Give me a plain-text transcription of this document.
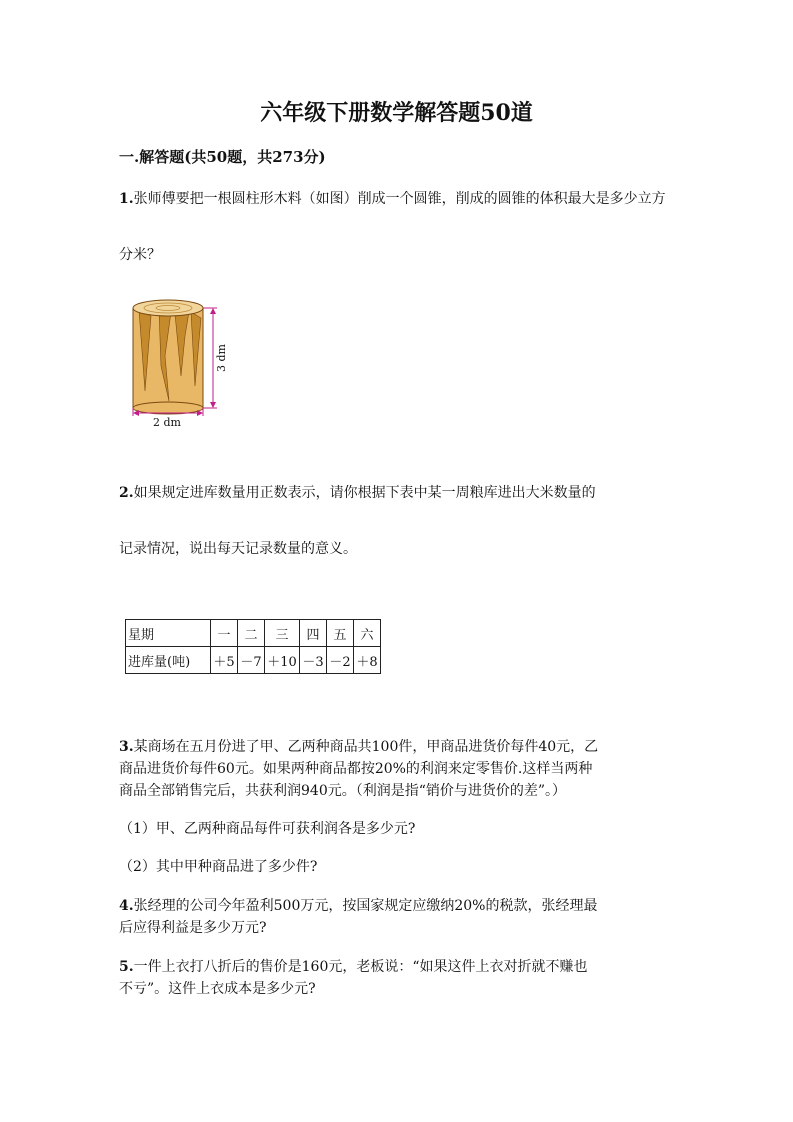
六年级下册数学解答题50道
一.解答题(共50题，共273分)
1.张师傅要把一根圆柱形木料（如图）削成一个圆锥，削成的圆锥的体积最大是多少立方
分米？
3 dm
2 dm
2.如果规定进库数量用正数表示，请你根据下表中某一周粮库进出大米数量的
记录情况，说出每天记录数量的意义。
星期	一	二	三	四	五	六
进库量(吨)	＋5	－7	＋10	－3	－2	＋8
3.某商场在五月份进了甲、乙两种商品共100件，甲商品进货价每件40元，乙
商品进货价每件60元。如果两种商品都按20%的利润来定零售价.这样当两种
商品全部销售完后，共获利润940元。（利润是指“销价与进货价的差”。）
（1）甲、乙两种商品每件可获利润各是多少元?
（2）其中甲种商品进了多少件?
4.张经理的公司今年盈利500万元，按国家规定应缴纳20%的税款，张经理最
后应得利益是多少万元?
5.一件上衣打八折后的售价是160元，老板说：“如果这件上衣对折就不赚也
不亏”。这件上衣成本是多少元?
